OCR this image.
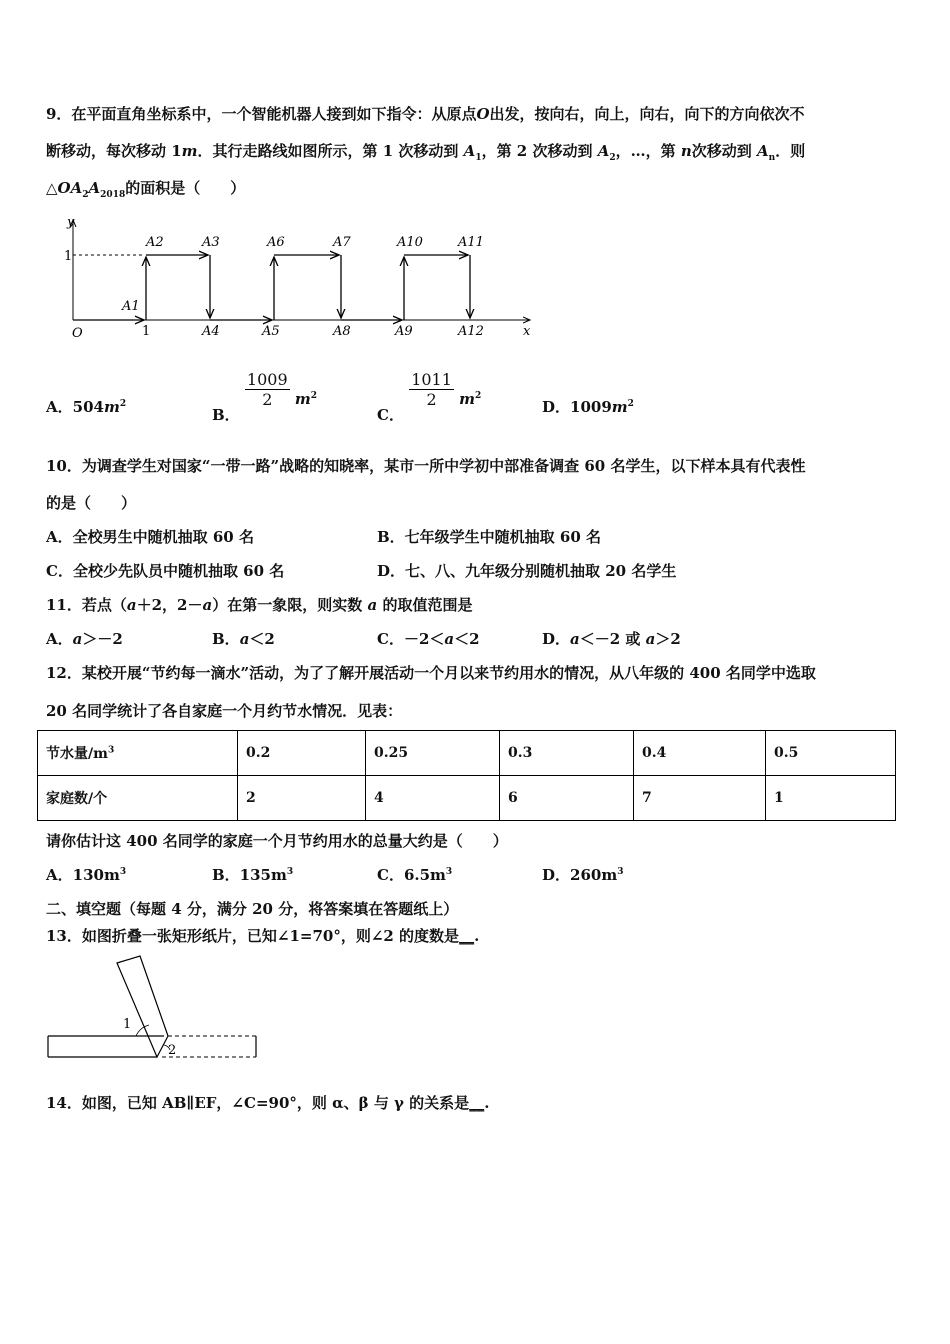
9．在平面直角坐标系中，一个智能机器人接到如下指令：从原点O出发，按向右，向上，向右，向下的方向依次不
断移动，每次移动 1m．其行走路线如图所示，第 1 次移动到 $A_1$，第 2 次移动到 $A_2$，…，第 n次移动到 $A_n$．则
$\triangle OA_2A_{2018}$的面积是（　　）
y
x
O
1
1
A1
A2	A3
A4	A5
A6	A7
A8	A9
A10	A11
A12
A．$504m^2$
B．
$\frac{1009}{2} m^2$
C．
$\frac{1011}{2} m^2$
D．$1009m^2$
10．为调查学生对国家“一带一路”战略的知晓率，某市一所中学初中部准备调查 60 名学生，以下样本具有代表性
的是（　　）
A．全校男生中随机抽取 60 名	B．七年级学生中随机抽取 60 名
C．全校少先队员中随机抽取 60 名	D．七、八、九年级分别随机抽取 20 名学生
11．若点（a＋2，2－a）在第一象限，则实数 a 的取值范围是
A．a＞－2	B．a＜2	C．－2＜a＜2	D．a＜－2 或 a＞2
12．某校开展“节约每一滴水”活动，为了了解开展活动一个月以来节约用水的情况，从八年级的 400 名同学中选取
20 名同学统计了各自家庭一个月约节水情况．见表：
节水量$/m^3$	0.2	0.25	0.3	0.4	0.5
家庭数/个	2	4	6	7	1
请你估计这 400 名同学的家庭一个月节约用水的总量大约是（　　）
A．$130m^3$	B．$135m^3$	C．$6.5m^3$	D．$260m^3$
二、填空题（每题 4 分，满分 20 分，将答案填在答题纸上）
13．如图折叠一张矩形纸片，已知∠1=70°，则∠2 的度数是__.
1
2
14．如图，已知 AB∥EF，∠C=90°，则 α、β 与 γ 的关系是__.
